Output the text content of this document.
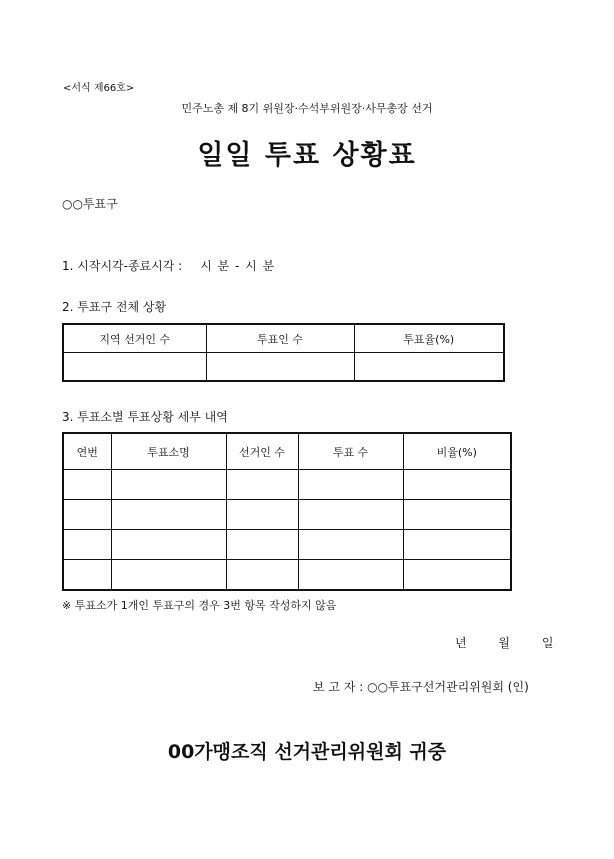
<서식 제66호>
민주노총 제 8기 위원장·수석부위원장·사무총장 선거
일일 투표 상황표
○○투표구
1. 시작시각-종료시각 : 시 분 - 시 분
2. 투표구 전체 상황
지역 선거인 수	투표인 수	투표율(%)

3. 투표소별 투표상황 세부 내역
연번	투표소명	선거인 수	투표 수	비율(%)

※ 투표소가 1개인 투표구의 경우 3번 항목 작성하지 않음
년 월 일
보 고 자 : ○○투표구선거관리위원회 (인)
00가맹조직 선거관리위원회 귀중
